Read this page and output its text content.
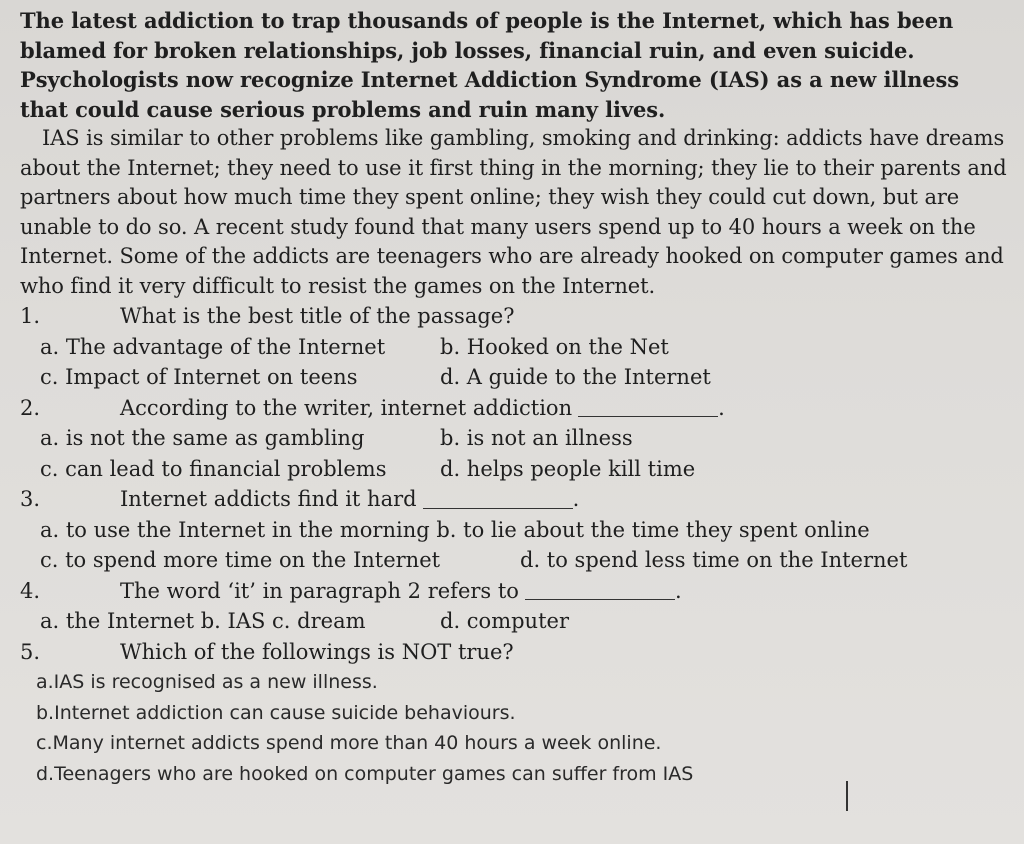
The latest addiction to trap thousands of people is the Internet, which has been blamed for broken relationships, job losses, financial ruin, and even suicide. Psychologists now recognize Internet Addiction Syndrome (IAS) as a new illness that could cause serious problems and ruin many lives.

IAS is similar to other problems like gambling, smoking and drinking: addicts have dreams about the Internet; they need to use it first thing in the morning; they lie to their parents and partners about how much time they spent online; they wish they could cut down, but are unable to do so. A recent study found that many users spend up to 40 hours a week on the Internet. Some of the addicts are teenagers who are already hooked on computer games and who find it very difficult to resist the games on the Internet.

1.	What is the best title of the passage?
a. The advantage of the Internet	b. Hooked on the Net
c. Impact of Internet on teens	d. A guide to the Internet
2.	According to the writer, internet addiction	.
a. is not the same as gambling	b. is not an illness
c. can lead to financial problems	d. helps people kill time
3.	Internet addicts find it hard	.
a. to use the Internet in the morning b. to lie about the time they spent online
c. to spend more time on the Internet	d. to spend less time on the Internet
4.	The word ‘it’ in paragraph 2 refers to	.
a. the Internet b. IAS c. dream	d. computer
5.	Which of the followings is NOT true?
a.IAS is recognised as a new illness.
b.Internet addiction can cause suicide behaviours.
c.Many internet addicts spend more than 40 hours a week online.
d.Teenagers who are hooked on computer games can suffer from IAS
